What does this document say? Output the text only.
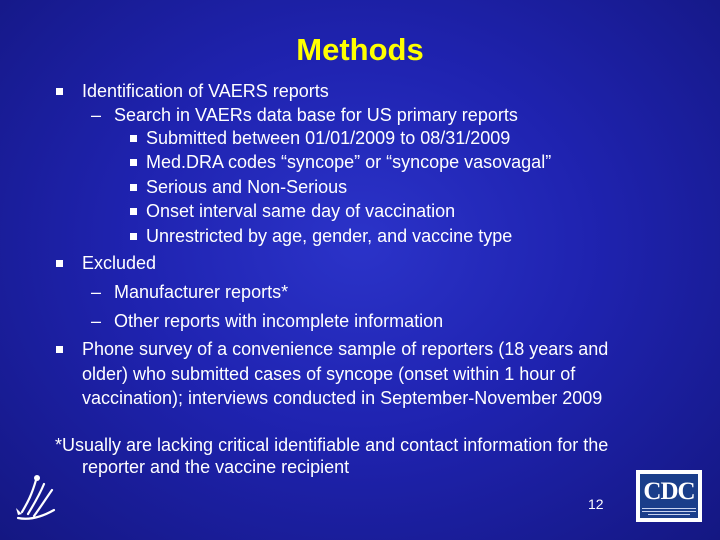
Methods
Identification of VAERS reports
– Search in VAERs data base for US primary reports
Submitted between 01/01/2009 to 08/31/2009
Med.DRA codes “syncope” or “syncope vasovagal”
Serious and Non-Serious
Onset interval same day of vaccination
Unrestricted by age, gender, and vaccine type
Excluded
– Manufacturer reports*
– Other reports with incomplete information
Phone survey of a convenience sample of reporters (18 years and
older) who submitted cases of syncope (onset within 1 hour of
vaccination); interviews conducted in September-November 2009
*Usually are lacking critical identifiable and contact information for the
reporter and the vaccine recipient
12 CDC
